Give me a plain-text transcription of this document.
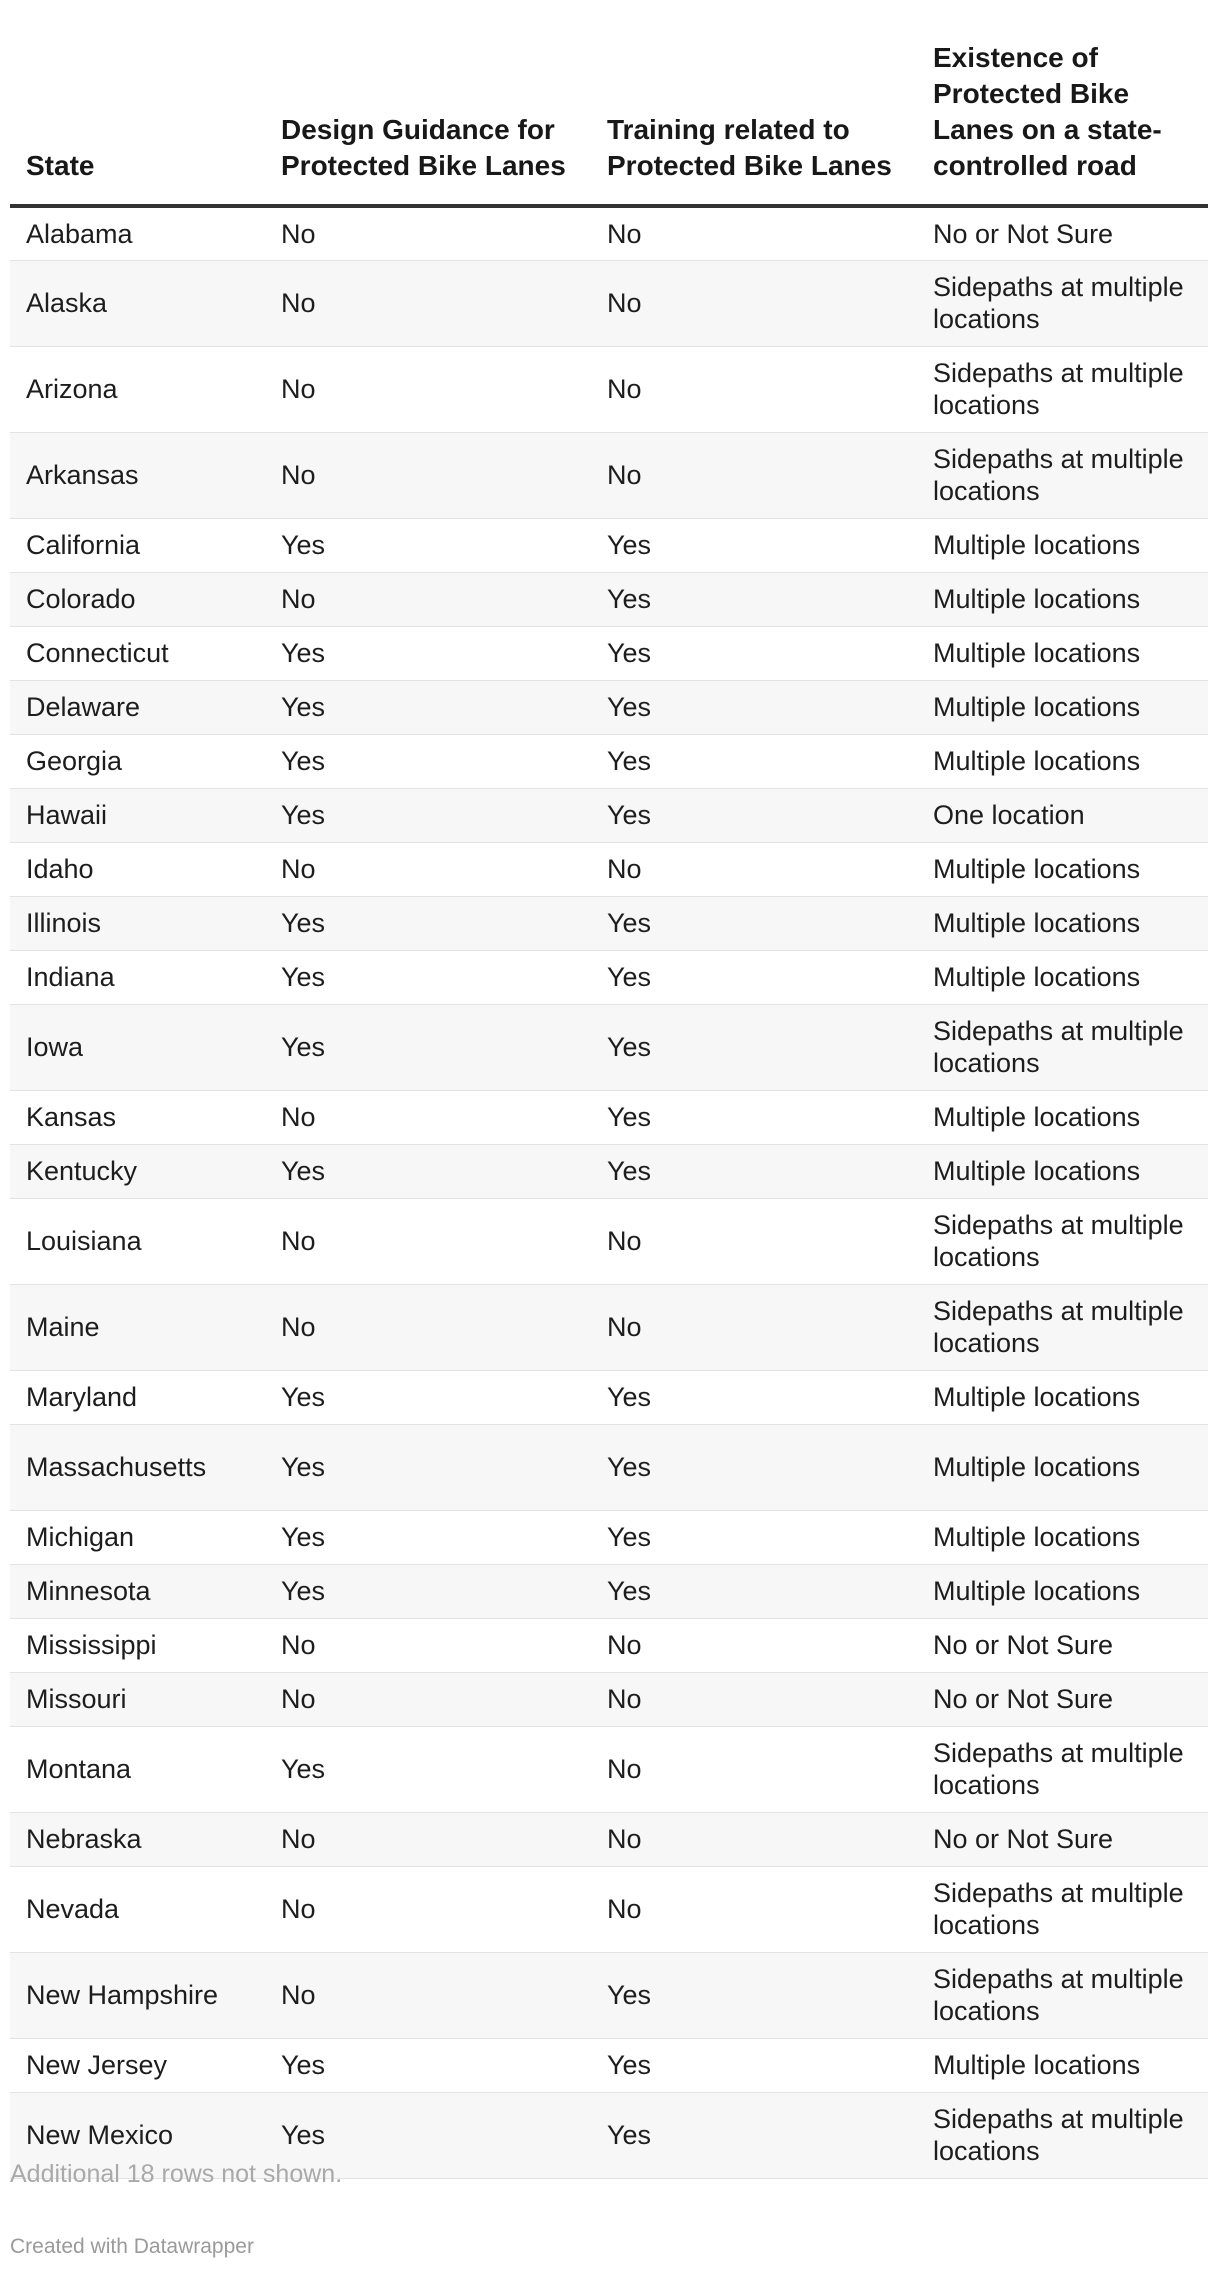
State	Design Guidance for Protected Bike Lanes	Training related to Protected Bike Lanes	Existence of Protected Bike Lanes on a state-controlled road
Alabama	No	No	No or Not Sure
Alaska	No	No	Sidepaths at multiple locations
Arizona	No	No	Sidepaths at multiple locations
Arkansas	No	No	Sidepaths at multiple locations
California	Yes	Yes	Multiple locations
Colorado	No	Yes	Multiple locations
Connecticut	Yes	Yes	Multiple locations
Delaware	Yes	Yes	Multiple locations
Georgia	Yes	Yes	Multiple locations
Hawaii	Yes	Yes	One location
Idaho	No	No	Multiple locations
Illinois	Yes	Yes	Multiple locations
Indiana	Yes	Yes	Multiple locations
Iowa	Yes	Yes	Sidepaths at multiple locations
Kansas	No	Yes	Multiple locations
Kentucky	Yes	Yes	Multiple locations
Louisiana	No	No	Sidepaths at multiple locations
Maine	No	No	Sidepaths at multiple locations
Maryland	Yes	Yes	Multiple locations
Massachusetts	Yes	Yes	Multiple locations
Michigan	Yes	Yes	Multiple locations
Minnesota	Yes	Yes	Multiple locations
Mississippi	No	No	No or Not Sure
Missouri	No	No	No or Not Sure
Montana	Yes	No	Sidepaths at multiple locations
Nebraska	No	No	No or Not Sure
Nevada	No	No	Sidepaths at multiple locations
New Hampshire	No	Yes	Sidepaths at multiple locations
New Jersey	Yes	Yes	Multiple locations
New Mexico	Yes	Yes	Sidepaths at multiple locations
Additional 18 rows not shown.
Created with Datawrapper
